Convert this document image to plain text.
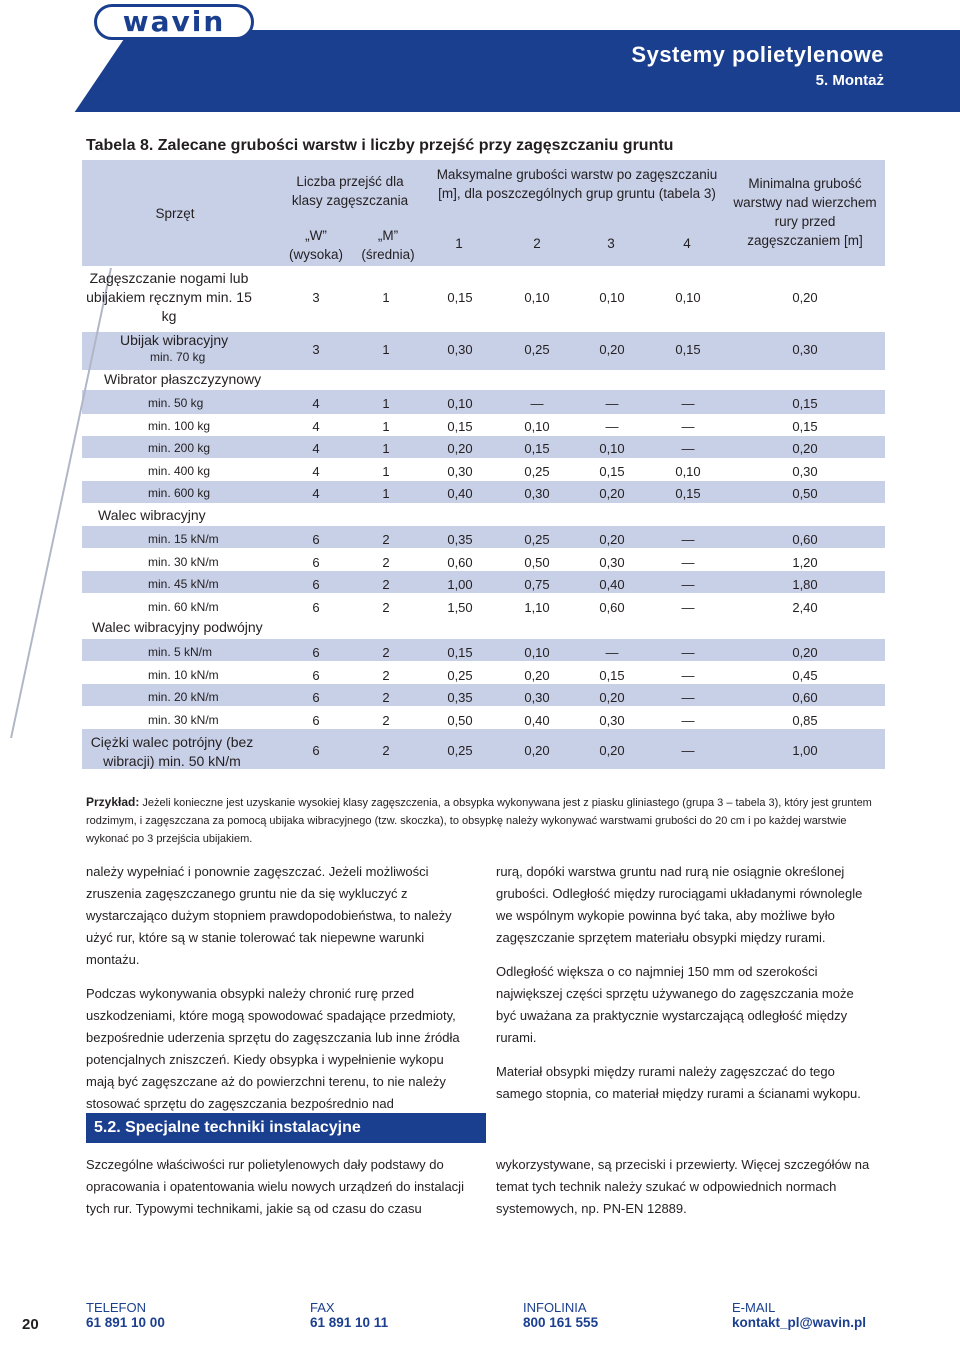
wavin
Systemy polietylenowe
5. Montaż
Tabela 8. Zalecane grubości warstw i liczby przejść przy zagęszczaniu gruntu
Sprzęt
Liczba przejść dla klasy zagęszczania
„W” (wysoka)
„M” (średnia)
Maksymalne grubości warstw po zagęszczaniu [m], dla poszczególnych grup gruntu (tabela 3)
1	2	3	4
Minimalna grubość warstwy nad wierzchem rury przed zagęszczaniem [m]
Zagęszczanie nogami lub ubijakiem ręcznym min. 15 kg
3	1	0,15	0,10	0,10	0,10	0,20
Ubijak wibracyjny
min. 70 kg	3	1	0,30	0,25	0,20	0,15	0,30
Wibrator płaszczyzynowy
min. 50 kg	4	1	0,10	—	—	—	0,15
min. 100 kg	4	1	0,15	0,10	—	—	0,15
min. 200 kg	4	1	0,20	0,15	0,10	—	0,20
min. 400 kg	4	1	0,30	0,25	0,15	0,10	0,30
min. 600 kg	4	1	0,40	0,30	0,20	0,15	0,50
Walec wibracyjny
min. 15 kN/m	6	2	0,35	0,25	0,20	—	0,60
min. 30 kN/m	6	2	0,60	0,50	0,30	—	1,20
min. 45 kN/m	6	2	1,00	0,75	0,40	—	1,80
min. 60 kN/m	6	2	1,50	1,10	0,60	—	2,40
Walec wibracyjny podwójny
min. 5 kN/m	6	2	0,15	0,10	—	—	0,20
min. 10 kN/m	6	2	0,25	0,20	0,15	—	0,45
min. 20 kN/m	6	2	0,35	0,30	0,20	—	0,60
min. 30 kN/m	6	2	0,50	0,40	0,30	—	0,85
Ciężki walec potrójny (bez wibracji) min. 50 kN/m
6	2	0,25	0,20	0,20	—	1,00
Przykład: Jeżeli konieczne jest uzyskanie wysokiej klasy zagęszczenia, a obsypka wykonywana jest z piasku gliniastego (grupa 3 – tabela 3), który jest gruntem rodzimym, i zagęszczana za pomocą ubijaka wibracyjnego (tzw. skoczka), to obsypkę należy wykonywać warstwami grubości do 20 cm i po każdej warstwie wykonać po 3 przejścia ubijakiem.

należy wypełniać i ponownie zagęszczać. Jeżeli możliwości zruszenia zagęszczanego gruntu nie da się wykluczyć z wystarczająco dużym stopniem prawdopodobieństwa, to należy użyć rur, które są w stanie tolerować tak niepewne warunki montażu.

Podczas wykonywania obsypki należy chronić rurę przed uszkodzeniami, które mogą spowodować spadające przedmioty, bezpośrednie uderzenia sprzętu do zagęszczania lub inne źródła potencjalnych zniszczeń. Kiedy obsypka i wypełnienie wykopu mają być zagęszczane aż do powierzchni terenu, to nie należy stosować sprzętu do zagęszczania bezpośrednio nad

rurą, dopóki warstwa gruntu nad rurą nie osiągnie określonej grubości. Odległość między rurociągami układanymi równolegle we wspólnym wykopie powinna być taka, aby możliwe było zagęszczanie sprzętem materiału obsypki między rurami.

Odległość większa o co najmniej 150 mm od szerokości największej części sprzętu używanego do zagęszczania może być uważana za praktycznie wystarczającą odległość między rurami.

Materiał obsypki między rurami należy zagęszczać do tego samego stopnia, co materiał między rurami a ścianami wykopu.

5.2. Specjalne techniki instalacyjne
Szczególne właściwości rur polietylenowych dały podstawy do opracowania i opatentowania wielu nowych urządzeń do instalacji tych rur. Typowymi technikami, jakie są od czasu do czasu
wykorzystywane, są przeciski i przewierty. Więcej szczegółów na temat tych technik należy szukać w odpowiednich normach systemowych, np. PN-EN 12889.
20
TELEFON
61 891 10 00
FAX
61 891 10 11
INFOLINIA
800 161 555
E-MAIL
kontakt_pl@wavin.pl
